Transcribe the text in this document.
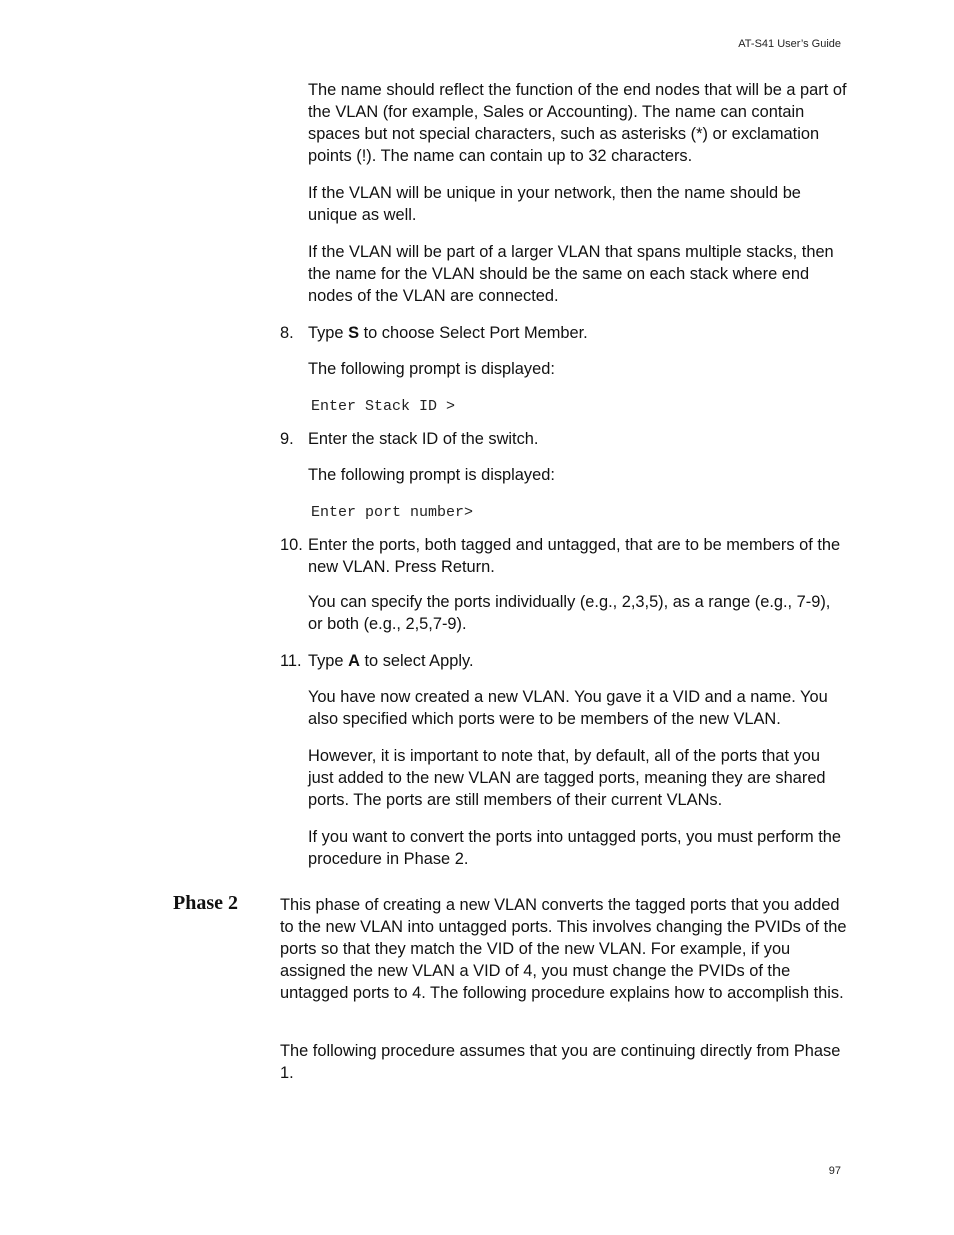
AT-S41 User’s Guide

The name should reflect the function of the end nodes that will be a part of the VLAN (for example, Sales or Accounting). The name can contain spaces but not special characters, such as asterisks (*) or exclamation points (!). The name can contain up to 32 characters.

If the VLAN will be unique in your network, then the name should be unique as well.

If the VLAN will be part of a larger VLAN that spans multiple stacks, then the name for the VLAN should be the same on each stack where end nodes of the VLAN are connected.

8. Type S to choose Select Port Member.

The following prompt is displayed:

Enter Stack ID >
9. Enter the stack ID of the switch.

The following prompt is displayed:

Enter port number>
10. Enter the ports, both tagged and untagged, that are to be members of the new VLAN. Press Return.

You can specify the ports individually (e.g., 2,3,5), as a range (e.g., 7-9), or both (e.g., 2,5,7-9).

11. Type A to select Apply.

You have now created a new VLAN. You gave it a VID and a name. You also specified which ports were to be members of the new VLAN.

However, it is important to note that, by default, all of the ports that you just added to the new VLAN are tagged ports, meaning they are shared ports. The ports are still members of their current VLANs.

If you want to convert the ports into untagged ports, you must perform the procedure in Phase 2.

Phase 2	This phase of creating a new VLAN converts the tagged ports that you added to the new VLAN into untagged ports. This involves changing the PVIDs of the ports so that they match the VID of the new VLAN. For example, if you assigned the new VLAN a VID of 4, you must change the PVIDs of the untagged ports to 4. The following procedure explains how to accomplish this.

The following procedure assumes that you are continuing directly from Phase 1.

97
